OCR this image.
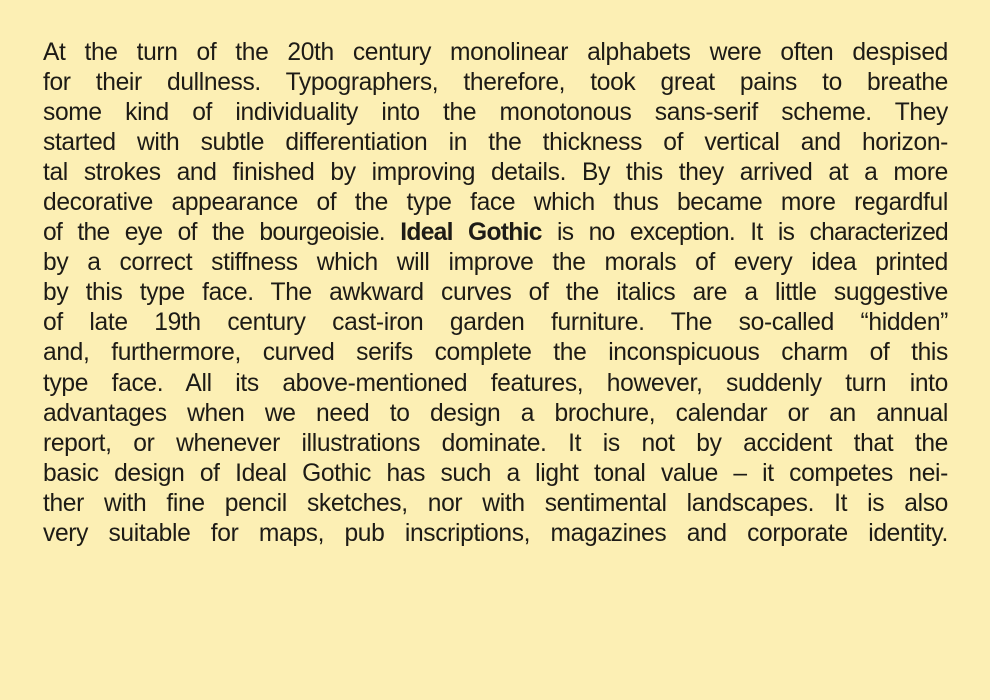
At the turn of the 20th century monolinear alphabets were often despised
for their dullness. Typographers, therefore, took great pains to breathe
some kind of individuality into the monotonous sans-serif scheme. They
started with subtle differentiation in the thickness of vertical and horizon-
tal strokes and finished by improving details. By this they arrived at a more
decorative appearance of the type face which thus became more regardful
of the eye of the bourgeoisie. Ideal Gothic is no exception. It is characterized
by a correct stiffness which will improve the morals of every idea printed
by this type face. The awkward curves of the italics are a little suggestive
of late 19th century cast-iron garden furniture. The so-called “hidden”
and, furthermore, curved serifs complete the inconspicuous charm of this
type face. All its above-mentioned features, however, suddenly turn into
advantages when we need to design a brochure, calendar or an annual
report, or whenever illustrations dominate. It is not by accident that the
basic design of Ideal Gothic has such a light tonal value – it competes nei-
ther with fine pencil sketches, nor with sentimental landscapes. It is also
very suitable for maps, pub inscriptions, magazines and corporate identity.
